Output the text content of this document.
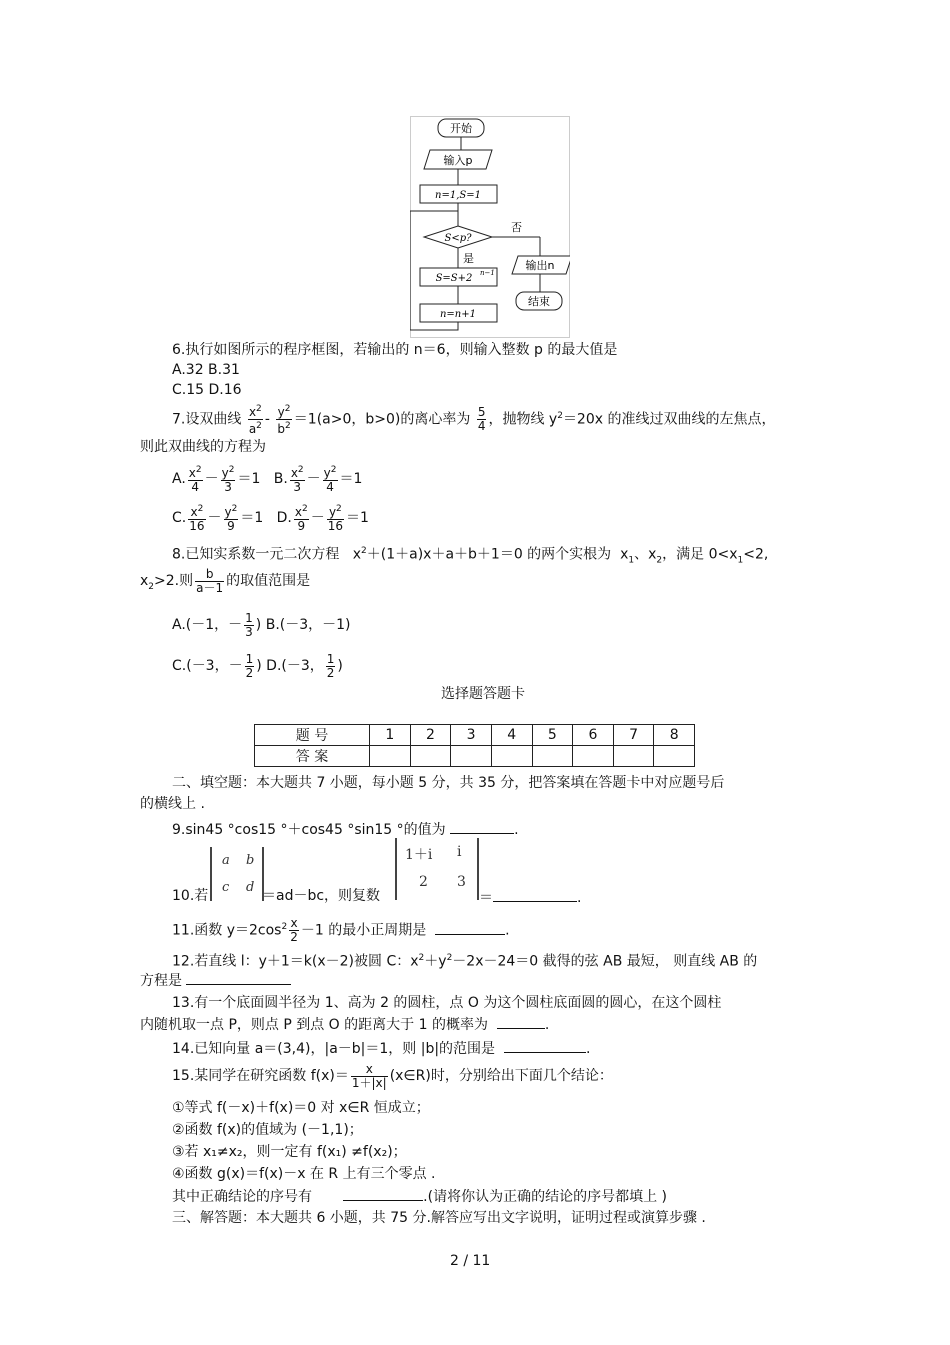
开始
输入p
n=1,S=1
S<p?
否
输出n
结束
是
S=S+2 n−1
n=n+1
6.执行如图所示的程序框图，若输出的 n＝6，则输入整数 p 的最大值是
A.32 B.31
C.15 D.16
7.设双曲线 $\frac{x^2}{a^2} - \frac{y^2}{b^2} =1(a>0$，b>0)的离心率为 $\frac{5}{4}$ ，抛物线 $y^2=20x$ 的准线过双曲线的左焦点，
则此双曲线的方程为
A. $\frac{x^2}{4} - \frac{y^2}{3} =1$ B. $\frac{x^2}{3} - \frac{y^2}{4} =1$
C. $\frac{x^2}{16} - \frac{y^2}{9} =1$ D. $\frac{x^2}{9} - \frac{y^2}{16} =1$
8.已知实系数一元二次方程 $x^2+(1+a)x+a+b+1=0$ 的两个实根为 $x_1$、$x_2$，满足 $0<x_1<2$,
$x_2>2$.则 $\frac{b}{a-1}$ 的取值范围是
A.(－1，－ $\frac{1}{3}$ ) B.(－3，－1)
C.(－3，－ $\frac{1}{2}$ ) D.(－3， $\frac{1}{2}$ )
选择题答题卡
题 号	1	2	3	4	5	6	7	8
答 案								
二、填空题：本大题共 7 小题，每小题 5 分，共 35 分，把答案填在答题卡中对应题号后
的横线上 .
9.sin45 °cos15 °＋cos45 °sin15 °的值为	.
a b
c d
1＋i i
2 3
10.若	＝ad－bc，则复数	＝	.
11.函数 $y=2\cos^2 \frac{x}{2} -1$ 的最小正周期是	.
12.若直线 l：y＋1＝k(x－2)被圆 C：$x^2+y^2-2x-24=0$ 截得的弦 AB 最短， 则直线 AB 的
方程是
13.有一个底面圆半径为 1、高为 2 的圆柱，点 O 为这个圆柱底面圆的圆心，在这个圆柱
内随机取一点 P，则点 P 到点 O 的距离大于 1 的概率为	.
14.已知向量 a＝(3,4)，|a－b|＝1，则 |b|的范围是	.
15.某同学在研究函数 $f(x)= \frac{x}{1+|x|}$ (x∈R)时，分别给出下面几个结论：
①等式 f(－x)＋f(x)＝0 对 x∈R 恒成立；
②函数 f(x)的值域为 (－1,1)；
③若 x₁≠x₂，则一定有 f(x₁) ≠f(x₂)；
④函数 g(x)＝f(x)－x 在 R 上有三个零点 .
其中正确结论的序号有	.(请将你认为正确的结论的序号都填上 )
三、解答题：本大题共 6 小题，共 75 分.解答应写出文字说明，证明过程或演算步骤 .
2 / 11
